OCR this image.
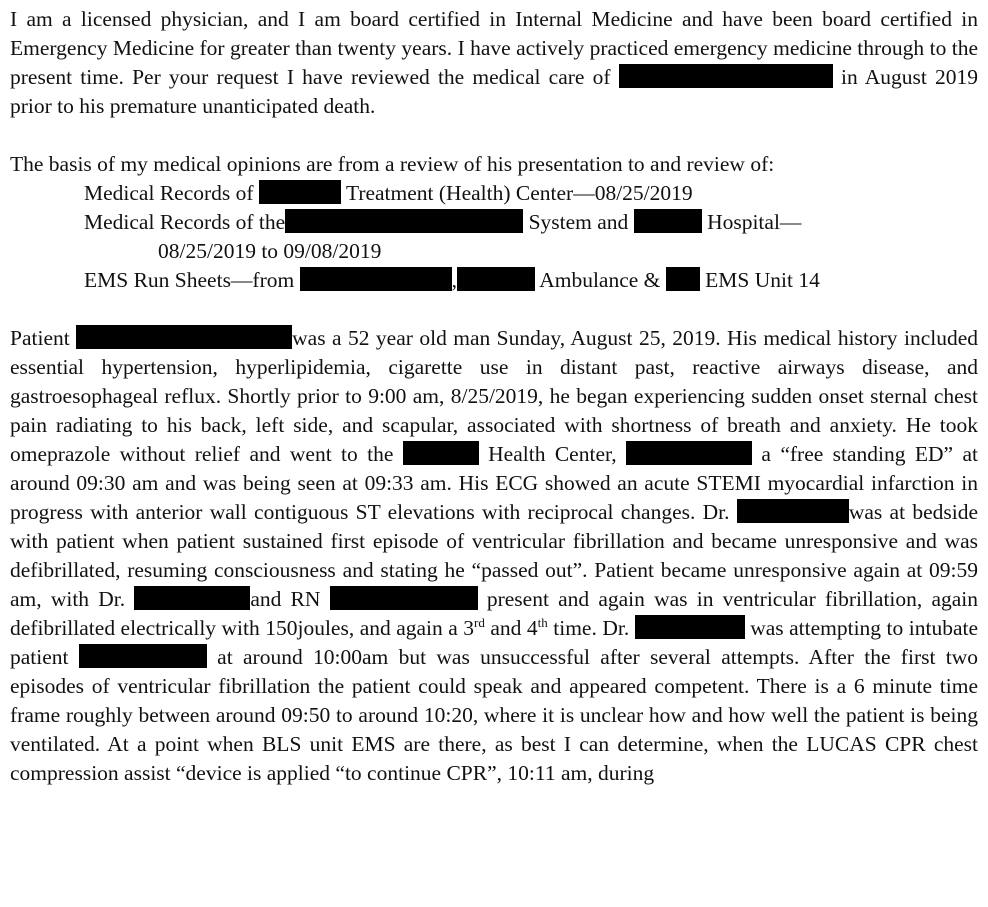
I am a licensed physician, and I am board certified in Internal Medicine and have been board certified in Emergency Medicine for greater than twenty years. I have actively practiced emergency medicine through to the present time. Per your request I have reviewed the medical care of	in August 2019 prior to his premature unanticipated death.

The basis of my medical opinions are from a review of his presentation to and review of:
Medical Records of	Treatment (Health) Center—08/25/2019
Medical Records of the	System and	Hospital—
08/25/2019 to 09/08/2019
EMS Run Sheets—from	,	Ambulance & EMS Unit 14

Patient	was a 52 year old man Sunday, August 25, 2019. His medical history included essential hypertension, hyperlipidemia, cigarette use in distant past, reactive airways disease, and gastroesophageal reflux. Shortly prior to 9:00 am, 8/25/2019, he began experiencing sudden onset sternal chest pain radiating to his back, left side, and scapular, associated with shortness of breath and anxiety. He took omeprazole without relief and went to the	Health Center,	a “free standing ED” at around 09:30 am and was being seen at 09:33 am. His ECG showed an acute STEMI myocardial infarction in progress with anterior wall contiguous ST elevations with reciprocal changes. Dr.	was at bedside with patient when patient sustained first episode of ventricular fibrillation and became unresponsive and was defibrillated, resuming consciousness and stating he “passed out”. Patient became unresponsive again at 09:59 am, with Dr.	and RN	present and again was in ventricular fibrillation, again defibrillated electrically with 150joules, and again a 3rd and 4th time. Dr.	was attempting to intubate patient	at around 10:00am but was unsuccessful after several attempts. After the first two episodes of ventricular fibrillation the patient could speak and appeared competent. There is a 6 minute time frame roughly between around 09:50 to around 10:20, where it is unclear how and how well the patient is being ventilated. At a point when BLS unit EMS are there, as best I can determine, when the LUCAS CPR chest compression assist “device is applied “to continue CPR”, 10:11 am, during
